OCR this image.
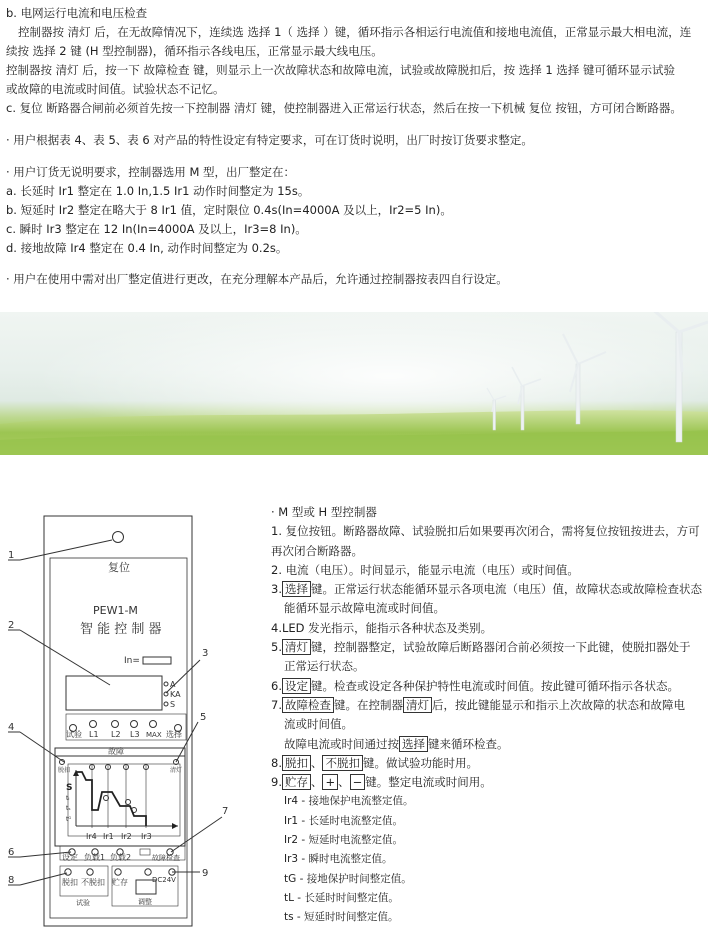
b. 电网运行电流和电压检查

控制器按 清灯 后，在无故障情况下，连续选 选择 1（ 选择 ）键，循环指示各相运行电流值和接地电流值，正常显示最大相电流，连

续按 选择 2 键 (H 型控制器)，循环指示各线电压，正常显示最大线电压。

控制器按 清灯 后，按一下 故障检查 键，则显示上一次故障状态和故障电流，试验或故障脱扣后，按 选择 1 选择 键可循环显示试验

或故障的电流或时间值。试验状态不记忆。

c. 复位 断路器合闸前必须首先按一下控制器 清灯 键，使控制器进入正常运行状态，然后在按一下机械 复位 按钮，方可闭合断路器。

· 用户根据表 4、表 5、表 6 对产品的特性设定有特定要求，可在订货时说明，出厂时按订货要求整定。

· 用户订货无说明要求，控制器选用 M 型，出厂整定在：

a. 长延时 Ir1 整定在 1.0 In,1.5 Ir1 动作时间整定为 15s。

b. 短延时 Ir2 整定在略大于 8 Ir1 值，定时限位 0.4s(In=4000A 及以上，Ir2=5 In)。

c. 瞬时 Ir3 整定在 12 In(In=4000A 及以上，Ir3=8 In)。

d. 接地故障 Ir4 整定在 0.4 In, 动作时间整定为 0.2s。

· 用户在使用中需对出厂整定值进行更改，在充分理解本产品后，允许通过控制器按表四自行设定。

复位
PEW1-M
智 能 控 制 器
In=
A
KA
S
试验 L1 L2 L3 MAX 选择
故障
脱扣	清灯
S
tₗ
tₛ
tᴳ
Ir4 Ir1 Ir2 Ir3
设定 负载1 负载2	故障检查
脱扣 不脱扣 贮存	DC24V
试验	调整
1
2
3
4
5
6
7
8
9

· M 型或 H 型控制器

1. 复位按钮。断路器故障、试验脱扣后如果要再次闭合，需将复位按钮按进去，方可

再次闭合断路器。

2. 电流（电压）。时间显示，能显示电流（电压）或时间值。

3. 选择 键。正常运行状态能循环显示各项电流（电压）值，故障状态或故障检查状态

能循环显示故障电流或时间值。

4.LED 发光指示，能指示各种状态及类别。

5. 清灯 键，控制器整定，试验故障后断路器闭合前必须按一下此键，使脱扣器处于

正常运行状态。

6. 设定 键。检查或设定各种保护特性电流或时间值。按此键可循环指示各状态。

7. 故障检查 键。在控制器 清灯 后，按此键能显示和指示上次故障的状态和故障电

流或时间值。

故障电流或时间通过按 选择 键来循环检查。

8. 脱扣 、 不脱扣 键。做试验功能时用。

9. 贮存 、 + 、 − 键。整定电流或时间用。

Ir4 - 接地保护电流整定值。

Ir1 - 长延时电流整定值。

Ir2 - 短延时电流整定值。

Ir3 - 瞬时电流整定值。

tG - 接地保护时间整定值。

tL - 长延时时间整定值。

ts - 短延时时间整定值。
